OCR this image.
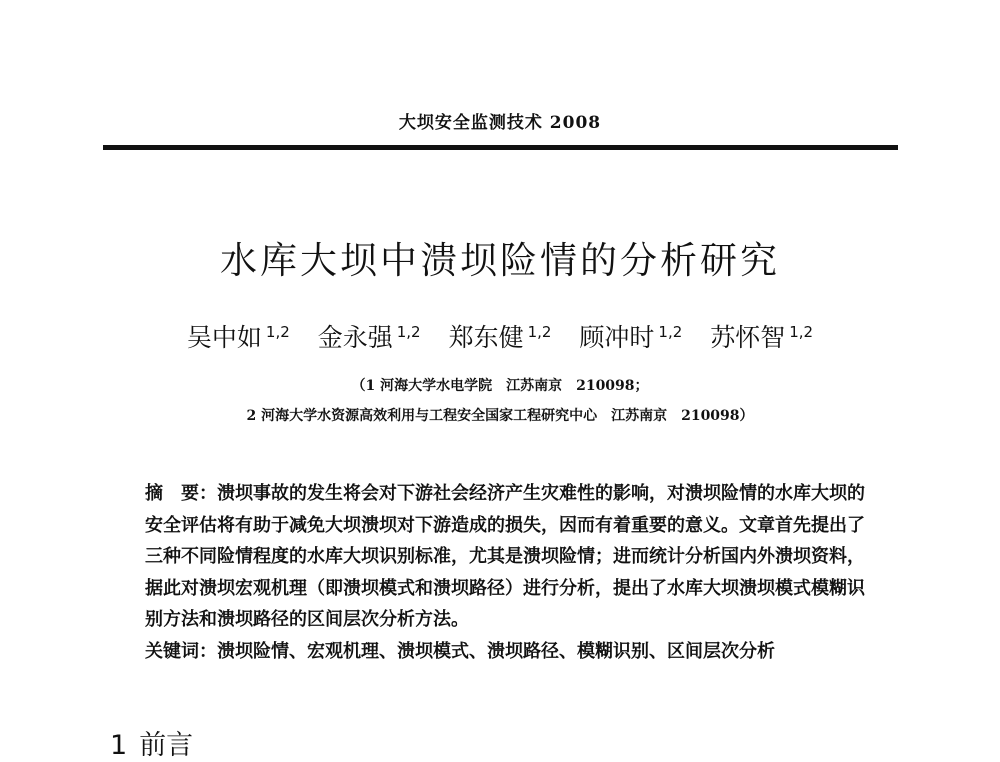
大坝安全监测技术 2008
水库大坝中溃坝险情的分析研究
吴中如 $^{1,2}$ 金永强 $^{1,2}$ 郑东健 $^{1,2}$ 顾冲时 $^{1,2}$ 苏怀智 $^{1,2}$
（1 河海大学水电学院　江苏南京　210098；
2 河海大学水资源高效利用与工程安全国家工程研究中心　江苏南京　210098）
摘　要：溃坝事故的发生将会对下游社会经济产生灾难性的影响，对溃坝险情的水库大坝的安全评估将有助于减免大坝溃坝对下游造成的损失，因而有着重要的意义。文章首先提出了三种不同险情程度的水库大坝识别标准，尤其是溃坝险情；进而统计分析国内外溃坝资料，据此对溃坝宏观机理（即溃坝模式和溃坝路径）进行分析，提出了水库大坝溃坝模式模糊识别方法和溃坝路径的区间层次分析方法。
关键词：溃坝险情、宏观机理、溃坝模式、溃坝路径、模糊识别、区间层次分析
1 前言
